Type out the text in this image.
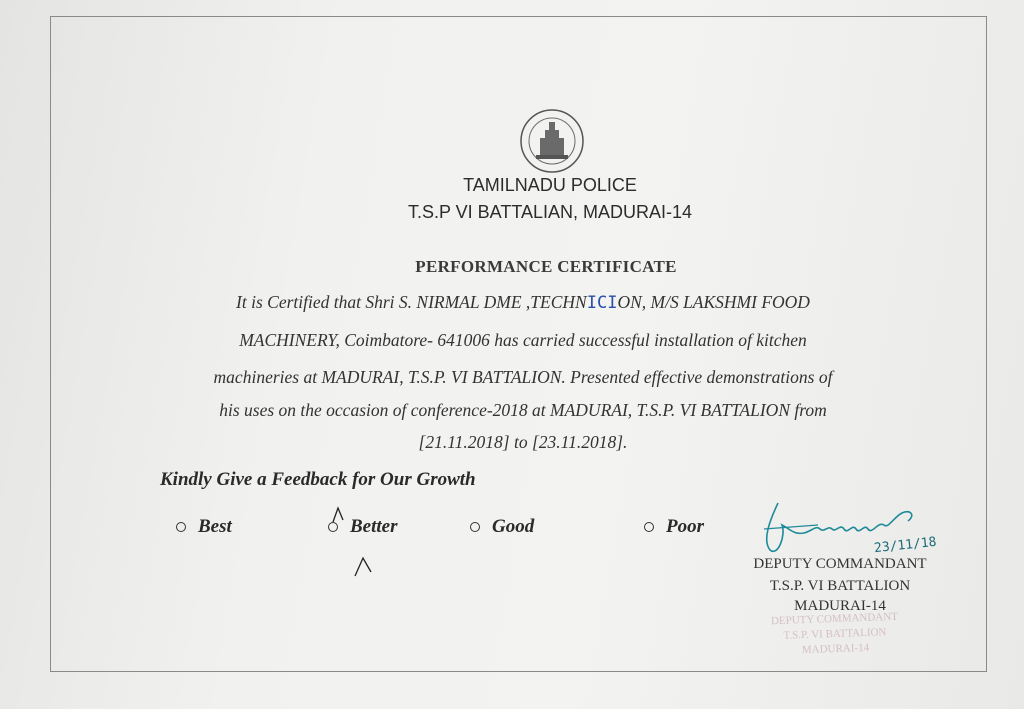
TAMILNADU POLICE
T.S.P VI BATTALIAN, MADURAI-14
PERFORMANCE CERTIFICATE
It is Certified that Shri S. NIRMAL DME ,TECHNICION, M/S LAKSHMI FOOD
MACHINERY, Coimbatore- 641006 has carried successful installation of kitchen
machineries at MADURAI, T.S.P. VI BATTALION. Presented effective demonstrations of
his uses on the occasion of conference-2018 at MADURAI, T.S.P. VI BATTALION from
[21.11.2018] to [23.11.2018].
Kindly Give a Feedback for Our Growth
Best	Better	Good	Poor
23/11/18
DEPUTY COMMANDANT
T.S.P. VI BATTALION
MADURAI-14
DEPUTY COMMANDANT
T.S.P. VI BATTALION
MADURAI-14
